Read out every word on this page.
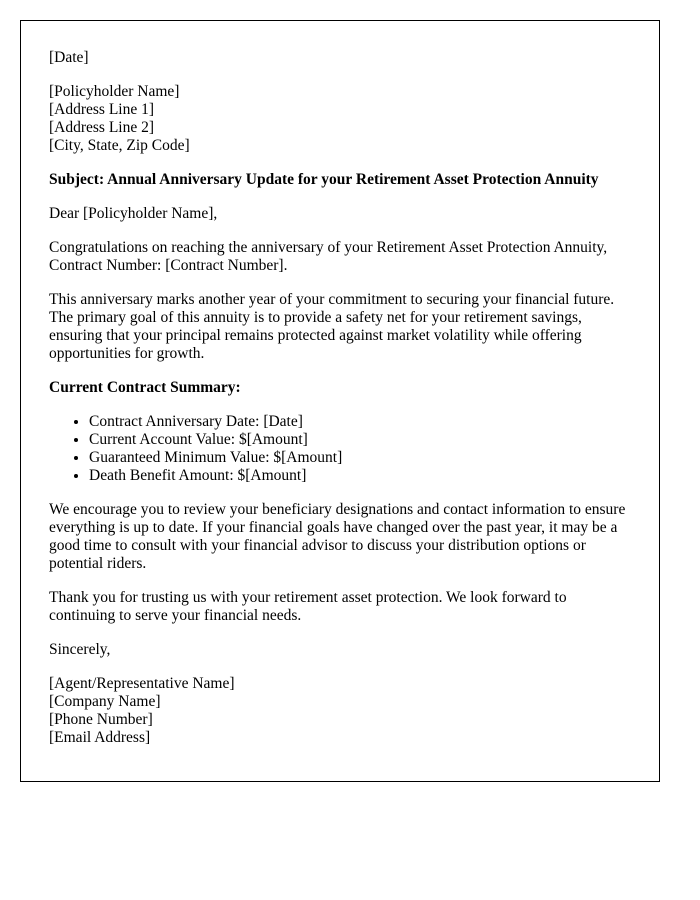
[Date]

[Policyholder Name]
[Address Line 1]
[Address Line 2]
[City, State, Zip Code]

Subject: Annual Anniversary Update for your Retirement Asset Protection Annuity

Dear [Policyholder Name],

Congratulations on reaching the anniversary of your Retirement Asset Protection Annuity, Contract Number: [Contract Number].

This anniversary marks another year of your commitment to securing your financial future. The primary goal of this annuity is to provide a safety net for your retirement savings, ensuring that your principal remains protected against market volatility while offering opportunities for growth.

Current Contract Summary:

• Contract Anniversary Date: [Date]
• Current Account Value: $[Amount]
• Guaranteed Minimum Value: $[Amount]
• Death Benefit Amount: $[Amount]

We encourage you to review your beneficiary designations and contact information to ensure everything is up to date. If your financial goals have changed over the past year, it may be a good time to consult with your financial advisor to discuss your distribution options or potential riders.

Thank you for trusting us with your retirement asset protection. We look forward to continuing to serve your financial needs.

Sincerely,

[Agent/Representative Name]
[Company Name]
[Phone Number]
[Email Address]
